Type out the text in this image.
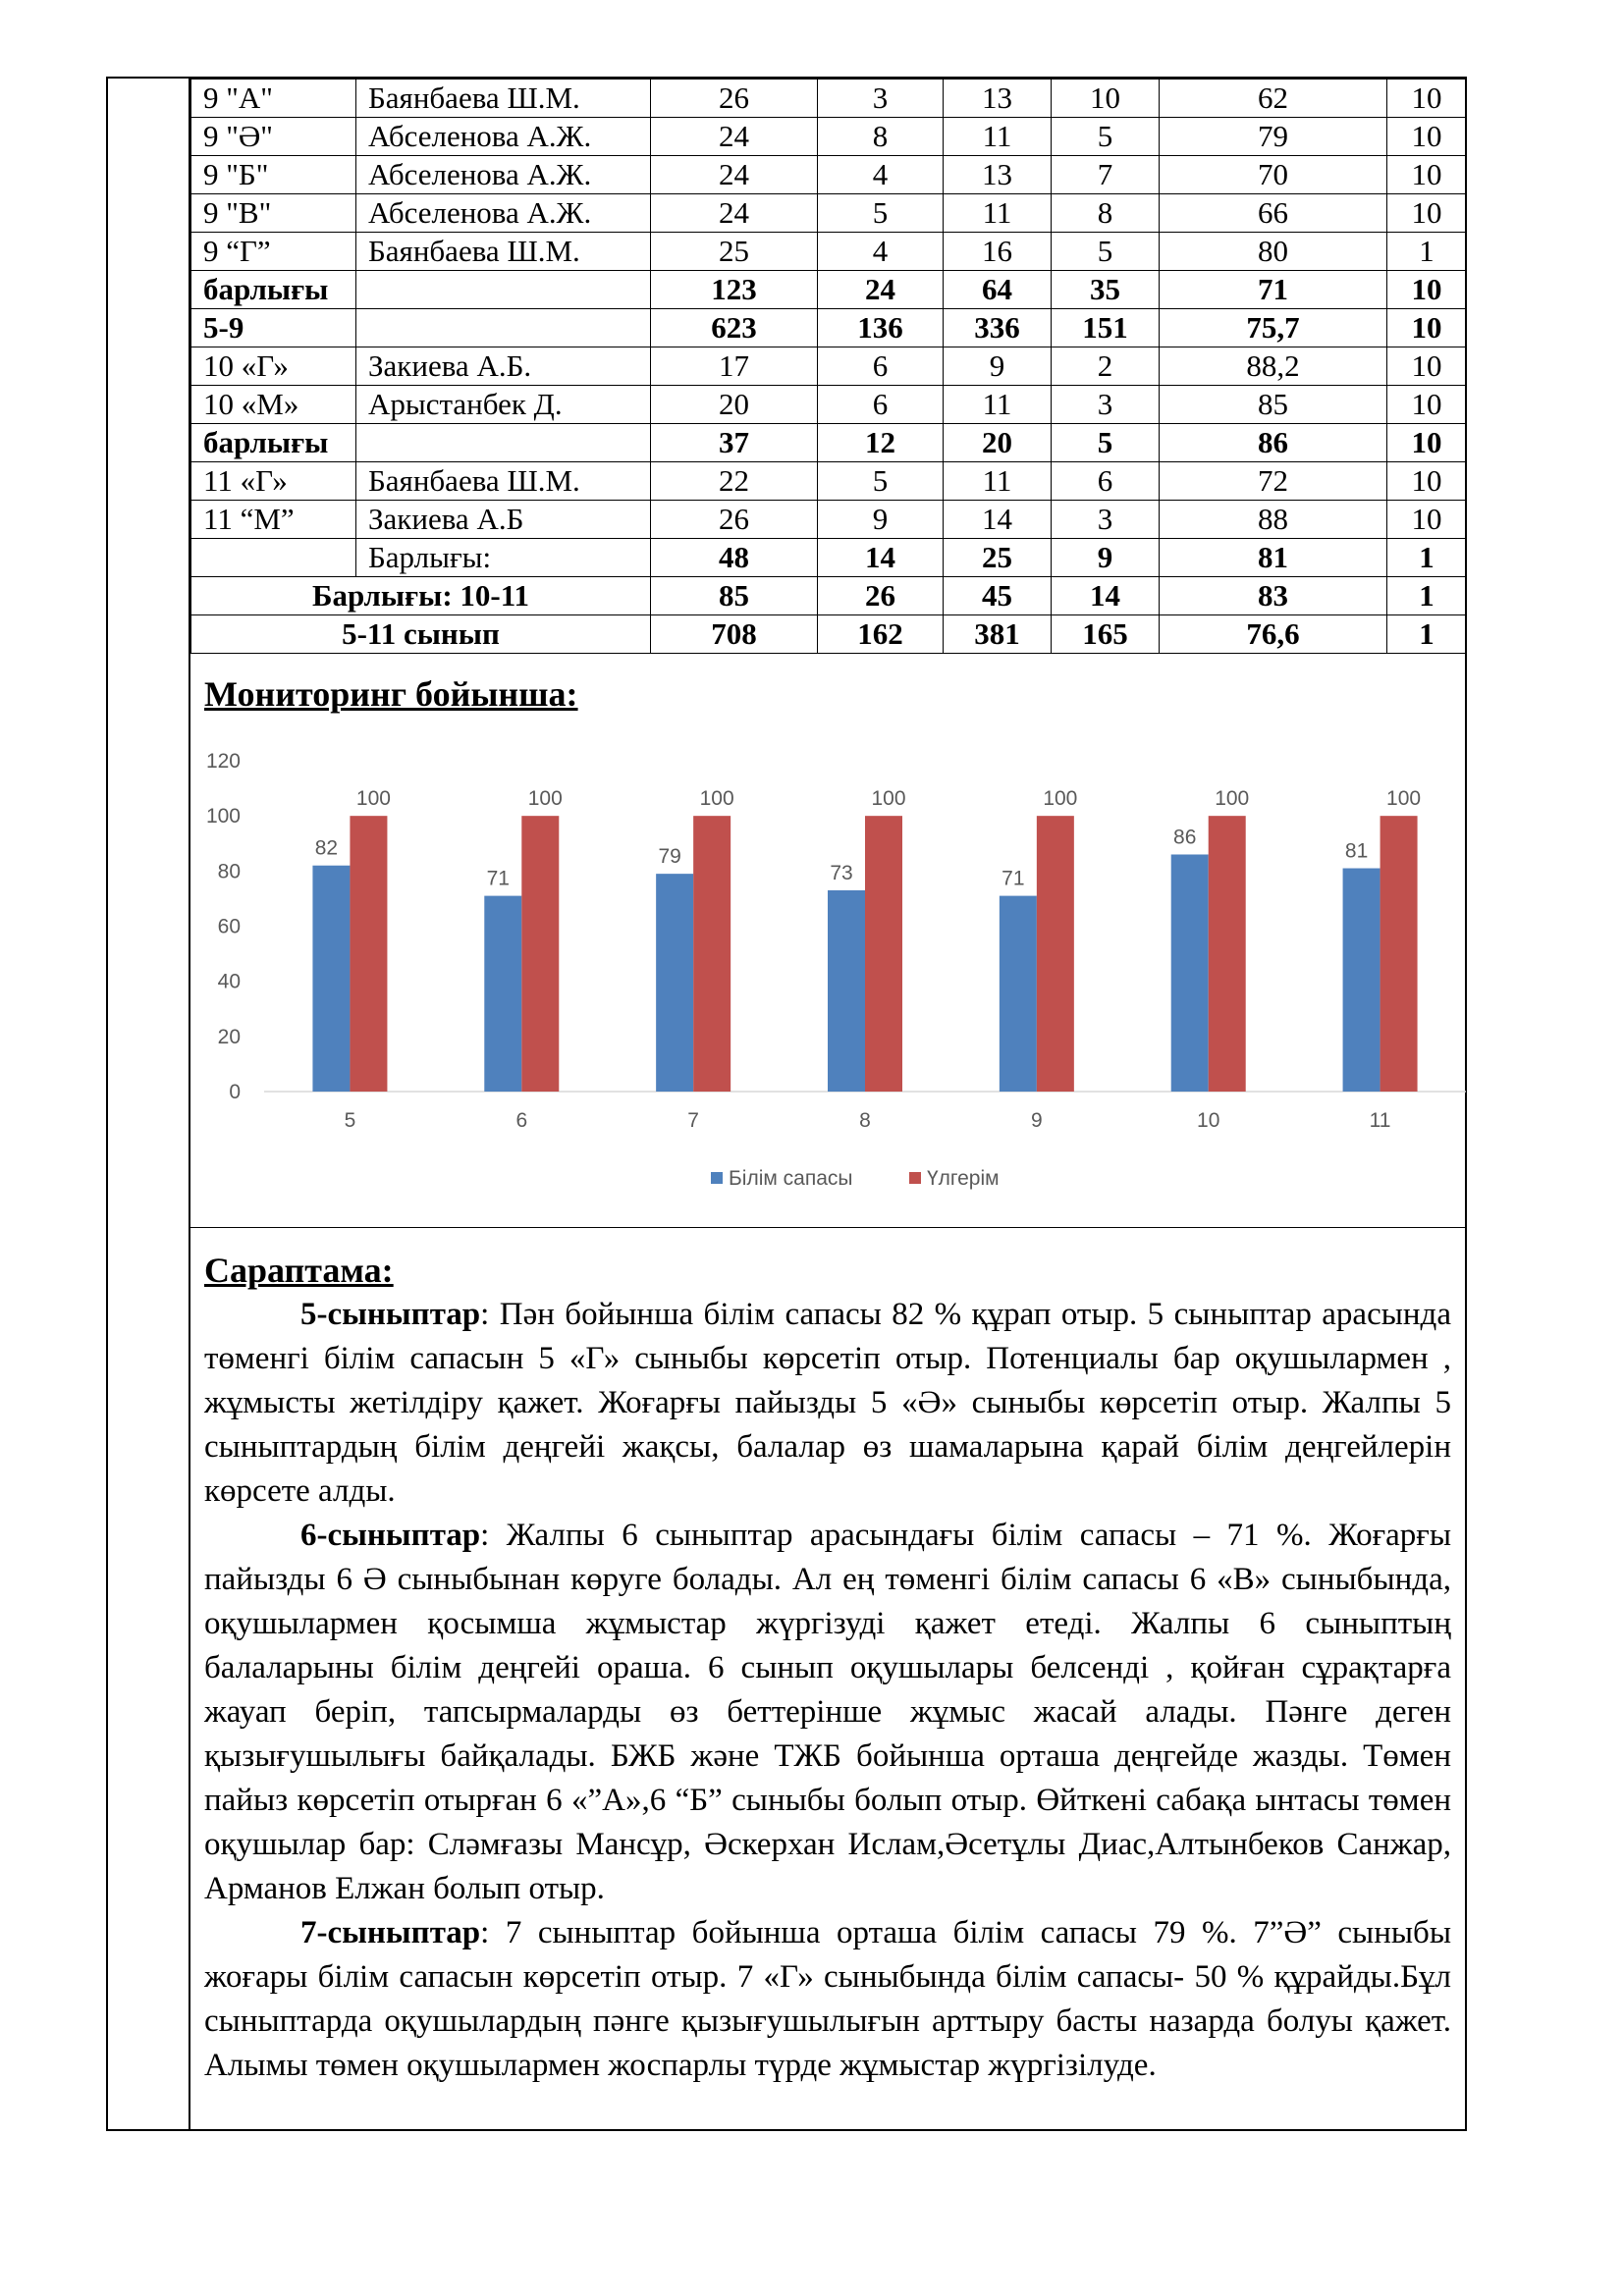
9 "А"	Баянбаева Ш.М.	26	3	13	10	62	10
9 "Ә"	Абселенова А.Ж.	24	8	11	5	79	10
9 "Б"	Абселенова А.Ж.	24	4	13	7	70	10
9 "В"	Абселенова А.Ж.	24	5	11	8	66	10
9 “Г”	Баянбаева Ш.М.	25	4	16	5	80	1
барлығы		123	24	64	35	71	10
5-9		623	136	336	151	75,7	10
10 «Г»	Закиева А.Б.	17	6	9	2	88,2	10
10 «М»	Арыстанбек Д.	20	6	11	3	85	10
барлығы		37	12	20	5	86	10
11 «Г»	Баянбаева Ш.М.	22	5	11	6	72	10
11 “М”	Закиева А.Б	26	9	14	3	88	10
	Барлығы:	48	14	25	9	81	1
Барлығы: 10-11		85	26	45	14	83	1
5-11 сынып		708	162	381	165	76,6	1
Мониторинг бойынша:
0
20
40
60
80
100
120
82
100
5
71
100
6
79
100
7
73
100
8
71
100
9
86
100
10
81
100
11
Білім сапасы	Үлгерім
Сараптама:

5-сыныптар: Пән бойынша білім сапасы 82 % құрап отыр. 5 сыныптар арасында төменгі білім сапасын 5 «Г» сыныбы көрсетіп отыр. Потенциалы бар оқушылармен , жұмысты жетілдіру қажет. Жоғарғы пайызды 5 «Ә» сыныбы көрсетіп отыр. Жалпы 5 сыныптардың білім деңгейі жақсы, балалар өз шамаларына қарай білім деңгейлерін көрсете алды.

6-сыныптар: Жалпы 6 сыныптар арасындағы білім сапасы – 71 %. Жоғарғы пайызды 6 Ә сыныбынан көруге болады. Ал ең төменгі білім сапасы 6 «В» сыныбында, оқушылармен қосымша жұмыстар жүргізуді қажет етеді. Жалпы 6 сыныптың балаларыны білім деңгейі ораша. 6 сынып оқушылары белсенді , қойған сұрақтарға жауап беріп, тапсырмаларды өз беттерінше жұмыс жасай алады. Пәнге деген қызығушылығы байқалады. БЖБ және ТЖБ бойынша орташа деңгейде жазды. Төмен пайыз көрсетіп отырған 6 «”А»,6 “Б” сыныбы болып отыр. Өйткені сабақа ынтасы төмен оқушылар бар: Сләмғазы Мансұр, Әскерхан Ислам,Әсетұлы Диас,Алтынбеков Санжар, Арманов Елжан болып отыр.

7-сыныптар: 7 сыныптар бойынша орташа білім сапасы 79 %. 7”Ә” сыныбы жоғары білім сапасын көрсетіп отыр. 7 «Г» сыныбында білім сапасы- 50 % құрайды.Бұл сыныптарда оқушылардың пәнге қызығушылығын арттыру басты назарда болуы қажет. Алымы төмен оқушылармен жоспарлы түрде жұмыстар жүргізілуде.
